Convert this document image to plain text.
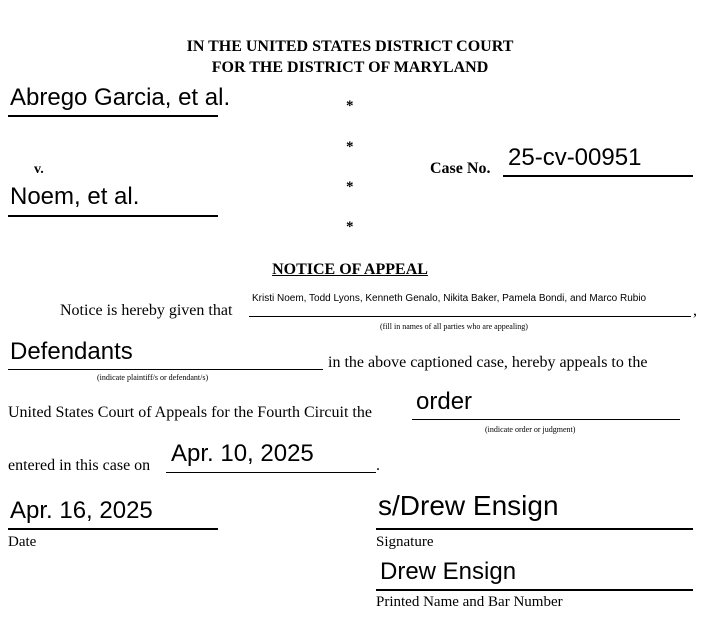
IN THE UNITED STATES DISTRICT COURT
FOR THE DISTRICT OF MARYLAND
Abrego Garcia, et al.
v.
Noem, et al.
*
*
*
*
Case No. 25-cv-00951
NOTICE OF APPEAL
Notice is hereby given that
Kristi Noem, Todd Lyons, Kenneth Genalo, Nikita Baker, Pamela Bondi, and Marco Rubio
,
(fill in names of all parties who are appealing)
Defendants
(indicate plaintiff/s or defendant/s)
in the above captioned case, hereby appeals to the
United States Court of Appeals for the Fourth Circuit the order
(indicate order or judgment)
entered in this case on Apr. 10, 2025	.
Apr. 16, 2025
Date
s/Drew Ensign
Signature
Drew Ensign
Printed Name and Bar Number
